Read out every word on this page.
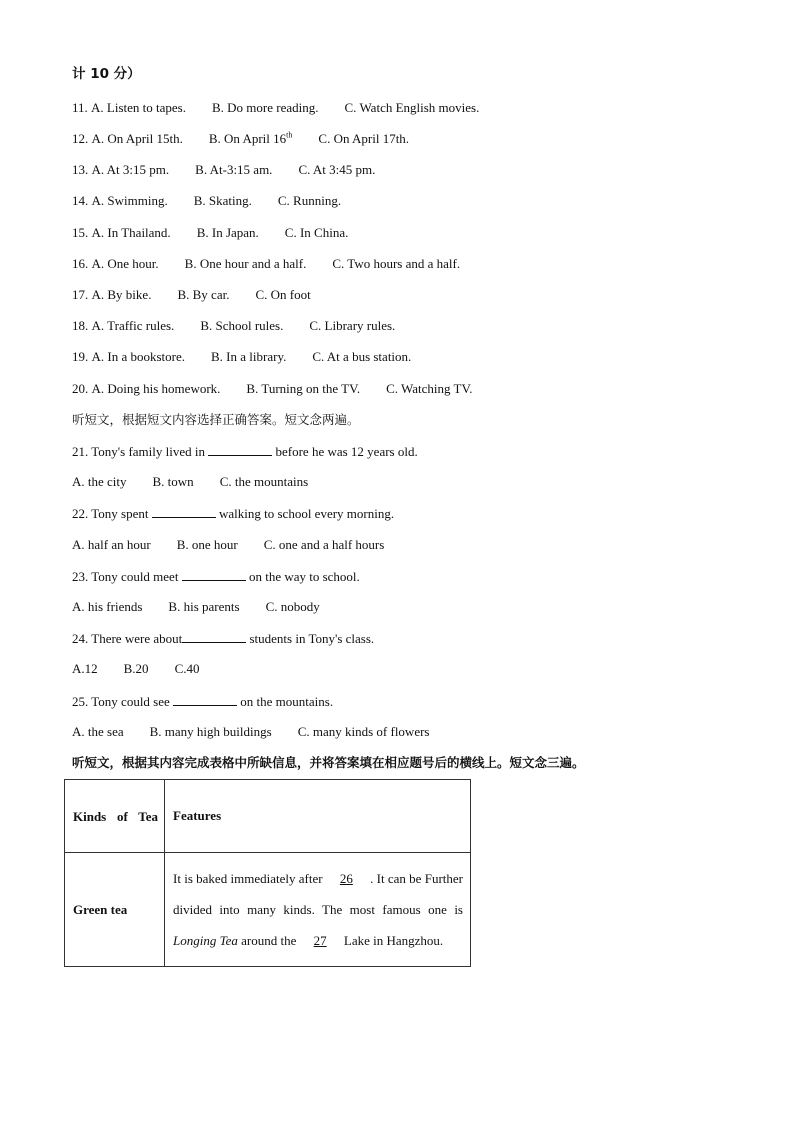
计 10 分）
11. A. Listen to tapes. B. Do more reading. C. Watch English movies.
12. A. On April 15th. B. On April 16th C. On April 17th.
13. A. At 3:15 pm. B. At-3:15 am. C. At 3:45 pm.
14. A. Swimming. B. Skating. C. Running.
15. A. In Thailand. B. In Japan. C. In China.
16. A. One hour. B. One hour and a half. C. Two hours and a half.
17. A. By bike. B. By car. C. On foot
18. A. Traffic rules. B. School rules. C. Library rules.
19. A. In a bookstore. B. In a library. C. At a bus station.
20. A. Doing his homework. B. Turning on the TV. C. Watching TV.
听短文，根据短文内容选择正确答案。短文念两遍。
21. Tony's family lived in	before he was 12 years old.
A. the city B. town C. the mountains
22. Tony spent	walking to school every morning.
A. half an hour B. one hour C. one and a half hours
23. Tony could meet	on the way to school.
A. his friends B. his parents C. nobody
24. There were about	students in Tony's class.
A.12 B.20 C.40
25. Tony could see	on the mountains.
A. the sea B. many high buildings C. many kinds of flowers
听短文，根据其内容完成表格中所缺信息，并将答案填在相应题号后的横线上。短文念三遍。
Kinds of Tea	Features
Green tea	It is baked immediately after 26 . It can be Further divided into many kinds. The most famous one is Longing Tea around the 27 Lake in Hangzhou.
